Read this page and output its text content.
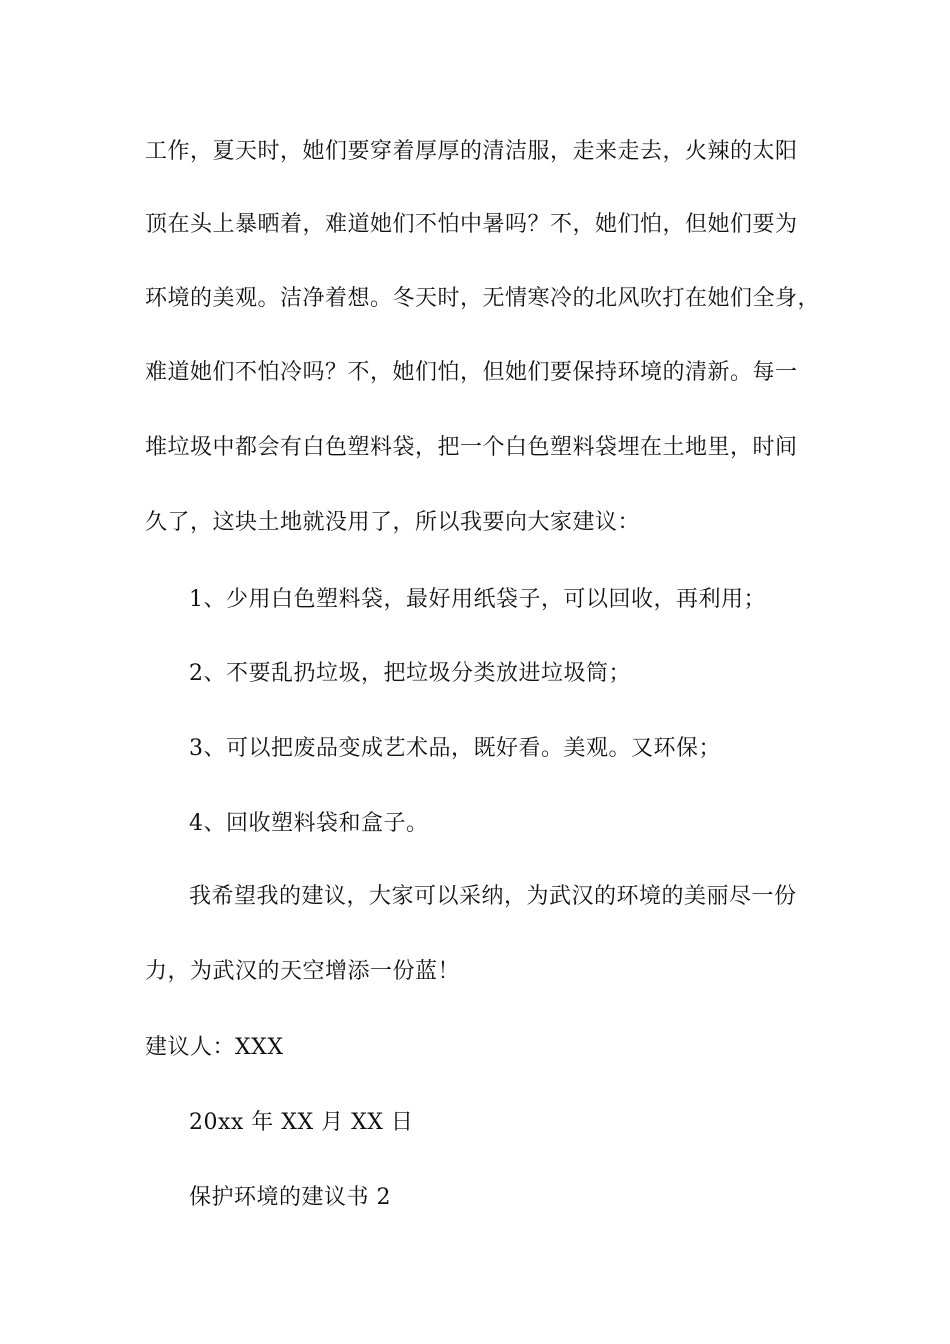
工作，夏天时，她们要穿着厚厚的清洁服，走来走去，火辣的太阳
顶在头上暴晒着，难道她们不怕中暑吗？不，她们怕，但她们要为
环境的美观。洁净着想。冬天时，无情寒冷的北风吹打在她们全身，
难道她们不怕冷吗？不，她们怕，但她们要保持环境的清新。每一
堆垃圾中都会有白色塑料袋，把一个白色塑料袋埋在土地里，时间
久了，这块土地就没用了，所以我要向大家建议：
1、少用白色塑料袋，最好用纸袋子，可以回收，再利用；
2、不要乱扔垃圾，把垃圾分类放进垃圾筒；
3、可以把废品变成艺术品，既好看。美观。又环保；
4、回收塑料袋和盒子。
我希望我的建议，大家可以采纳，为武汉的环境的美丽尽一份
力，为武汉的天空增添一份蓝！
建议人：XXX
20xx 年 XX 月 XX 日
保护环境的建议书 2
